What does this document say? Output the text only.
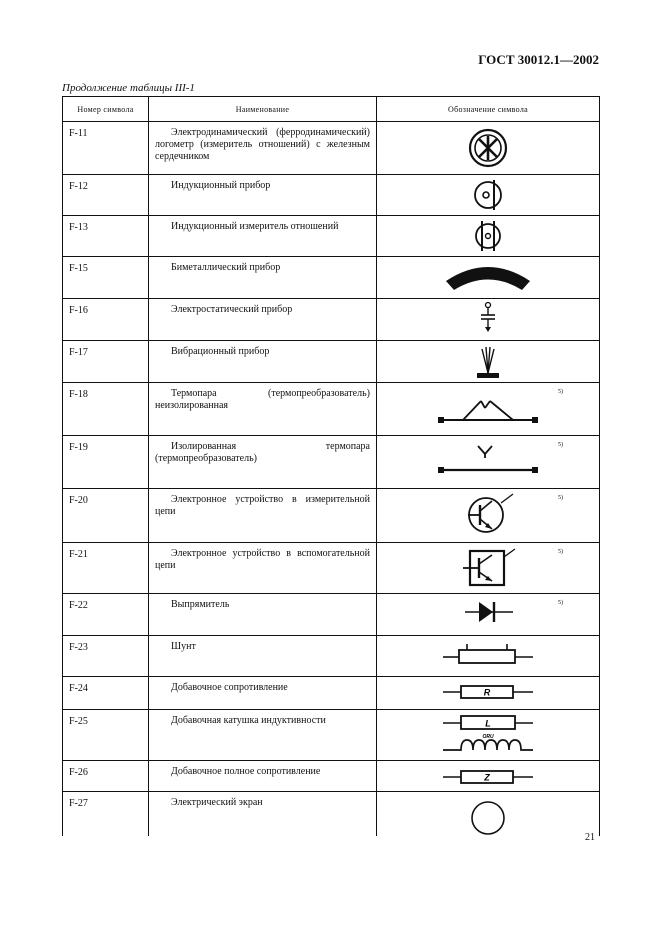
ГОСТ 30012.1—2002
Продолжение таблицы III-1
Номер символа	Наименование	Обозначение символа
F-11	Электродинамический (ферродинамический) логометр (измеритель отношений) с железным сердечником	

F-12	Индукционный прибор	

F-13	Индукционный измеритель отношений	

F-15	Биметаллический прибор	

F-16	Электростатический прибор	

F-17	Вибрационный прибор	

F-18	Термопара (термопреобразователь) неизолированная	5)

F-19	Изолированная термопара (термопреобразователь)	5)

F-20	Электронное устройство в измерительной цепи	5)

F-21	Электронное устройство в вспомогательной цепи	5)

F-22	Выпрямитель	5)

F-23	Шунт	

F-24	Добавочное сопротивление	R

F-25	Добавочная катушка индуктивности	L
ORU

F-26	Добавочное полное сопротивление	Z

F-27	Электрический экран	
21
